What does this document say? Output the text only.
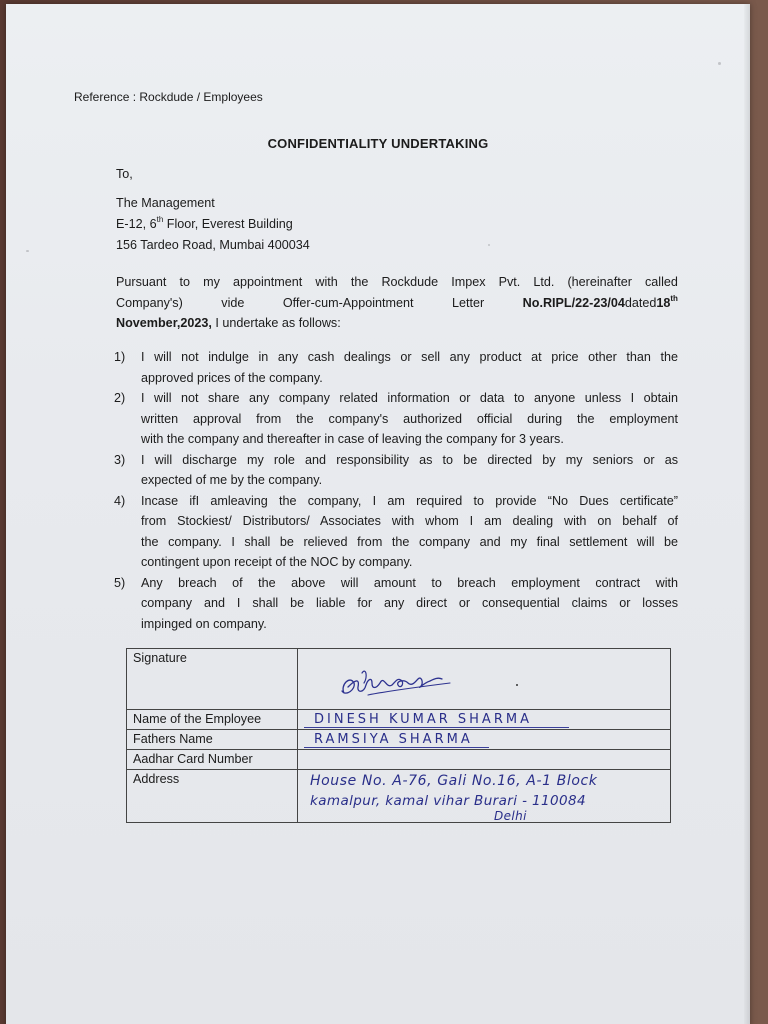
Reference : Rockdude / Employees
CONFIDENTIALITY UNDERTAKING
To,
The Management
E-12, 6th Floor, Everest Building
156 Tardeo Road, Mumbai 400034
Pursuant to my appointment with the Rockdude Impex Pvt. Ltd. (hereinafter called
Company's)	vide	Offer-cum-Appointment	Letter	No.RIPL/22-23/04dated18th
November,2023, I undertake as follows:
1) I will not indulge in any cash dealings or sell any product at price other than the
approved prices of the company.
2) I will not share any company related information or data to anyone unless I obtain
written approval from the company's authorized official during the employment
with the company and thereafter in case of leaving the company for 3 years.
3) I will discharge my role and responsibility as to be directed by my seniors or as
expected of me by the company.
4) Incase ifI amleaving the company, I am required to provide “No Dues certificate”
from Stockiest/ Distributors/ Associates with whom I am dealing with on behalf of
the company. I shall be relieved from the company and my final settlement will be
contingent upon receipt of the NOC by company.
5) Any breach of the above will amount to breach employment contract with
company and I shall be liable for any direct or consequential claims or losses
impinged on company.
Signature	
Name of the Employee	DINESH KUMAR SHARMA

Fathers Name	RAMSIYA SHARMA

Aadhar Card Number	
Address	House No. A-76, Gali No.16, A-1 Block
kamalpur, kamal vihar Burari - 110084
Delhi
